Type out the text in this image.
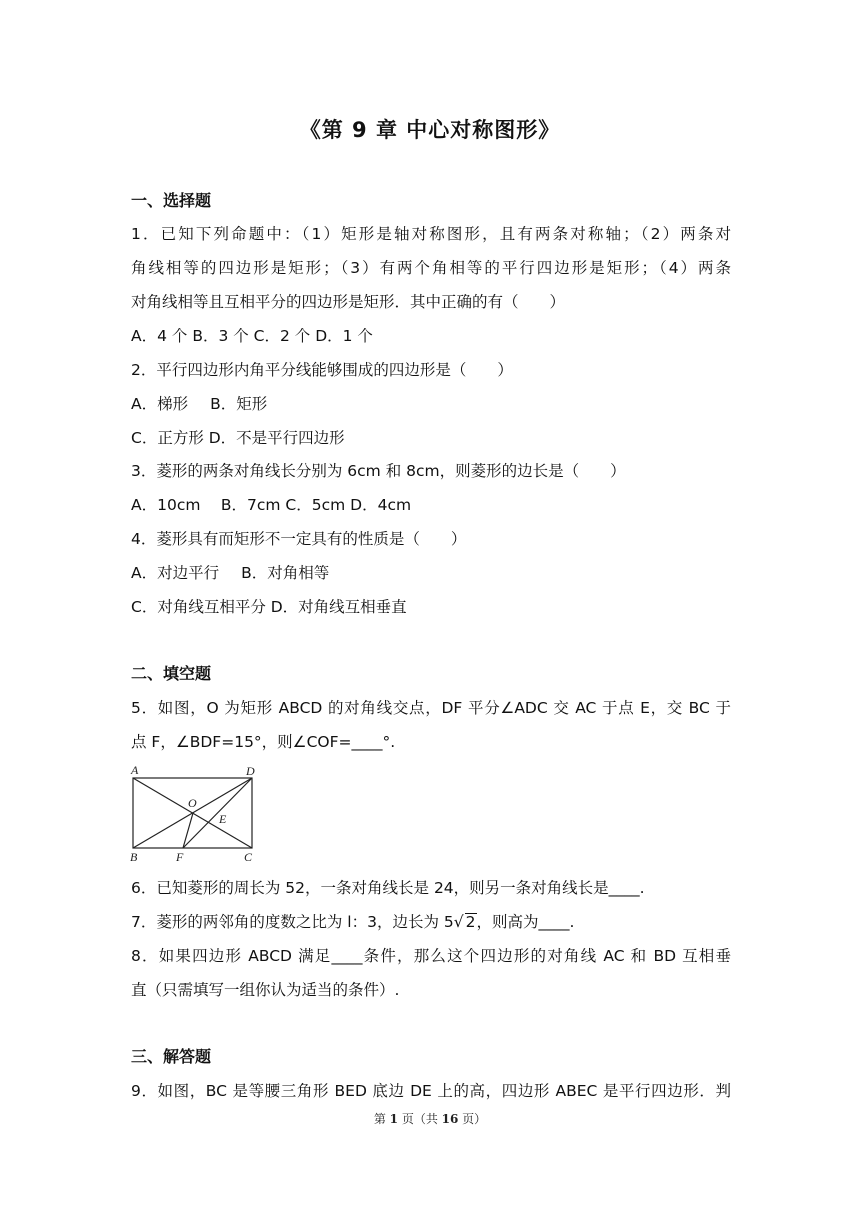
《第 9 章 中心对称图形》
一、选择题
1．已知下列命题中：（1）矩形是轴对称图形，且有两条对称轴；（2）两条对
角线相等的四边形是矩形；（3）有两个角相等的平行四边形是矩形；（4）两条
对角线相等且互相平分的四边形是矩形．其中正确的有（　　）
A．4 个 B．3 个 C．2 个 D．1 个
2．平行四边形内角平分线能够围成的四边形是（　　）
A．梯形 B．矩形
C．正方形 D．不是平行四边形
3．菱形的两条对角线长分别为 6cm 和 8cm，则菱形的边长是（　　）
A．10cm　 B．7cm C．5cm D．4cm
4．菱形具有而矩形不一定具有的性质是（　　）
A．对边平行 B．对角相等
C．对角线互相平分 D．对角线互相垂直
二、填空题
5．如图，O 为矩形 ABCD 的对角线交点，DF 平分∠ADC 交 AC 于点 E，交 BC 于
点 F，∠BDF=15°，则∠COF=____°.
A	D
O
E
B	F	C
6．已知菱形的周长为 52，一条对角线长是 24，则另一条对角线长是____.
7．菱形的两邻角的度数之比为 l：3，边长为 5√ 2，则高为____.
8．如果四边形 ABCD 满足____条件，那么这个四边形的对角线 AC 和 BD 互相垂
直（只需填写一组你认为适当的条件）.
三、解答题
9．如图，BC 是等腰三角形 BED 底边 DE 上的高，四边形 ABEC 是平行四边形．判
第 1 页（共 16 页）
